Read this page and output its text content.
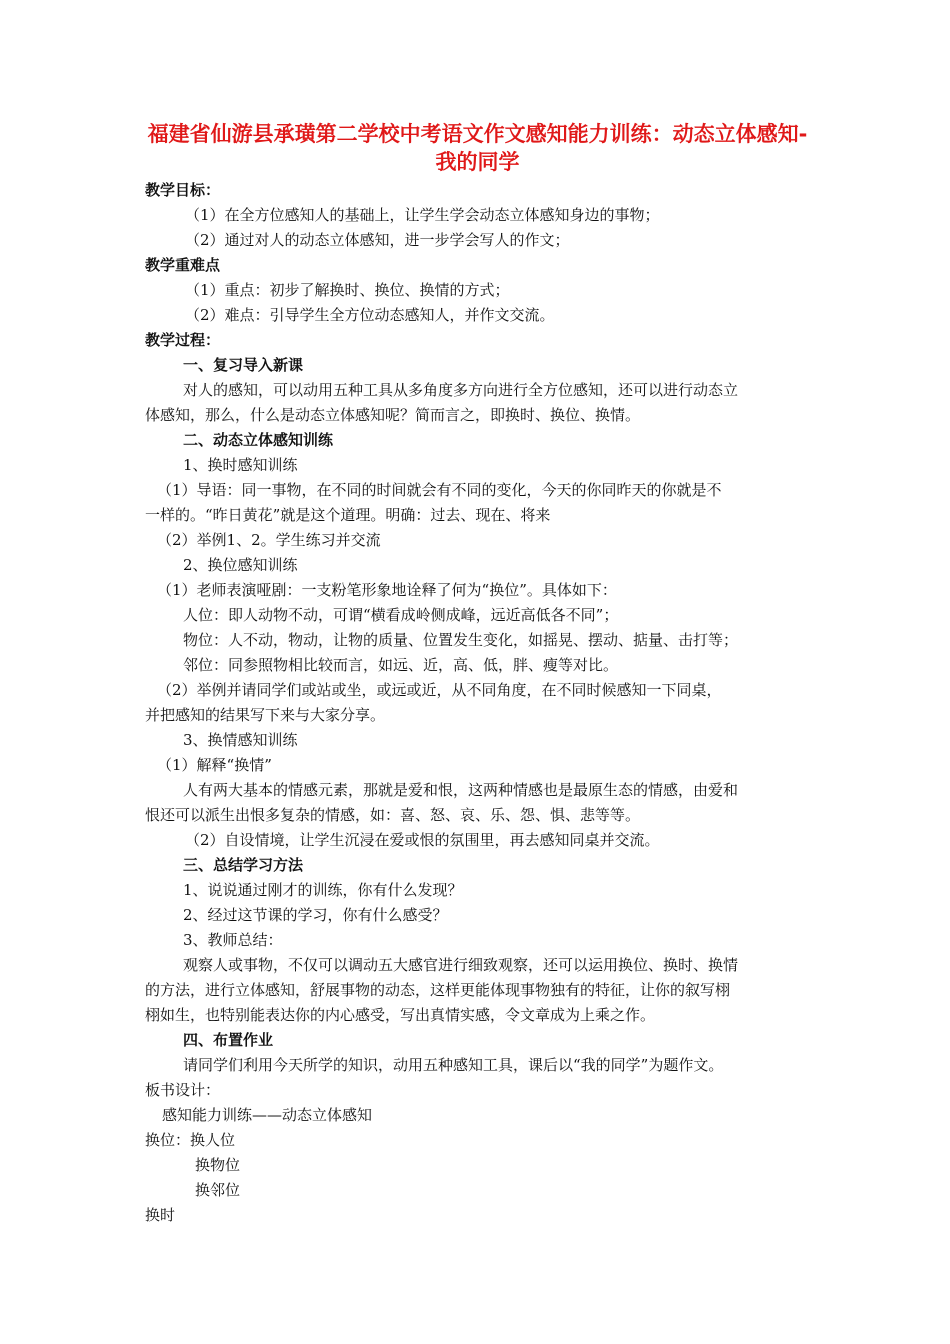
福建省仙游县承璜第二学校中考语文作文感知能力训练：动态立体感知-我的同学
教学目标：
（1）在全方位感知人的基础上，让学生学会动态立体感知身边的事物；
（2）通过对人的动态立体感知，进一步学会写人的作文；
教学重难点
（1）重点：初步了解换时、换位、换情的方式；
（2）难点：引导学生全方位动态感知人，并作文交流。
教学过程：
一、复习导入新课
对人的感知，可以动用五种工具从多角度多方向进行全方位感知，还可以进行动态立
体感知，那么，什么是动态立体感知呢？简而言之，即换时、换位、换情。
二、动态立体感知训练
1、换时感知训练
（1）导语：同一事物，在不同的时间就会有不同的变化，今天的你同昨天的你就是不
一样的。“昨日黄花”就是这个道理。明确：过去、现在、将来
（2）举例1、2。学生练习并交流
2、换位感知训练
（1）老师表演哑剧：一支粉笔形象地诠释了何为“换位”。具体如下：
人位：即人动物不动，可谓“横看成岭侧成峰，远近高低各不同”；
物位：人不动，物动，让物的质量、位置发生变化，如摇晃、摆动、掂量、击打等；
邻位：同参照物相比较而言，如远、近，高、低，胖、瘦等对比。
（2）举例并请同学们或站或坐，或远或近，从不同角度，在不同时候感知一下同桌，
并把感知的结果写下来与大家分享。
3、换情感知训练
（1）解释“换情”
人有两大基本的情感元素，那就是爱和恨，这两种情感也是最原生态的情感，由爱和
恨还可以派生出恨多复杂的情感，如：喜、怒、哀、乐、怨、惧、悲等等。
（2）自设情境，让学生沉浸在爱或恨的氛围里，再去感知同桌并交流。
三、总结学习方法
1、说说通过刚才的训练，你有什么发现？
2、经过这节课的学习，你有什么感受？
3、教师总结：
观察人或事物，不仅可以调动五大感官进行细致观察，还可以运用换位、换时、换情
的方法，进行立体感知，舒展事物的动态，这样更能体现事物独有的特征，让你的叙写栩
栩如生，也特别能表达你的内心感受，写出真情实感，令文章成为上乘之作。
四、布置作业
请同学们利用今天所学的知识，动用五种感知工具，课后以“我的同学”为题作文。
板书设计：
感知能力训练——动态立体感知
换位：换人位
换物位
换邻位
换时
